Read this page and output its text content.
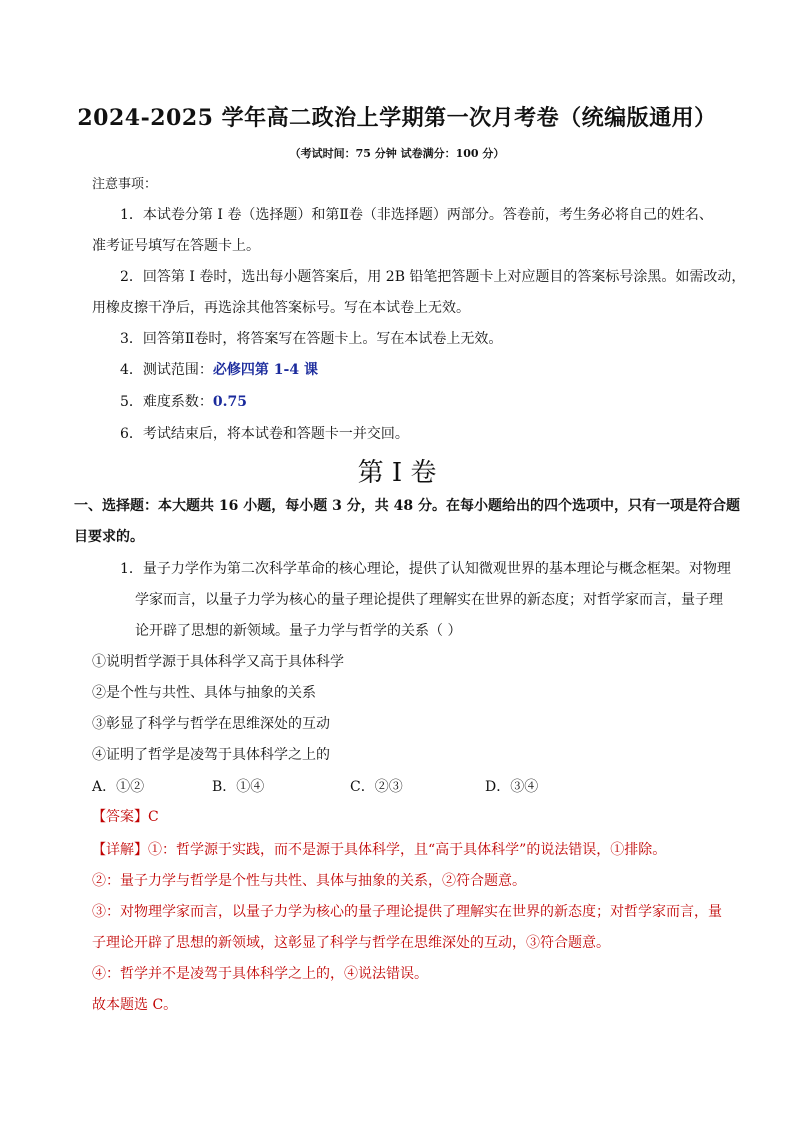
2024-2025 学年高二政治上学期第一次月考卷（统编版通用）
（考试时间：75 分钟 试卷满分：100 分）
注意事项：
1．本试卷分第 I 卷（选择题）和第Ⅱ卷（非选择题）两部分。答卷前，考生务必将自己的姓名、
准考证号填写在答题卡上。
2．回答第 I 卷时，选出每小题答案后，用 2B 铅笔把答题卡上对应题目的答案标号涂黑。如需改动，
用橡皮擦干净后，再选涂其他答案标号。写在本试卷上无效。
3．回答第Ⅱ卷时，将答案写在答题卡上。写在本试卷上无效。
4．测试范围：必修四第 1-4 课
5．难度系数：0.75
6．考试结束后，将本试卷和答题卡一并交回。
第 I 卷
一、选择题：本大题共 16 小题，每小题 3 分，共 48 分。在每小题给出的四个选项中，只有一项是符合题
目要求的。
1．量子力学作为第二次科学革命的核心理论，提供了认知微观世界的基本理论与概念框架。对物理
学家而言，以量子力学为核心的量子理论提供了理解实在世界的新态度；对哲学家而言，量子理
论开辟了思想的新领域。量子力学与哲学的关系（ ）
①说明哲学源于具体科学又高于具体科学
②是个性与共性、具体与抽象的关系
③彰显了科学与哲学在思维深处的互动
④证明了哲学是凌驾于具体科学之上的
A．①②	B．①④	C．②③	D．③④
【答案】C
【详解】①：哲学源于实践，而不是源于具体科学，且“高于具体科学”的说法错误，①排除。
②：量子力学与哲学是个性与共性、具体与抽象的关系，②符合题意。
③：对物理学家而言，以量子力学为核心的量子理论提供了理解实在世界的新态度；对哲学家而言，量
子理论开辟了思想的新领域，这彰显了科学与哲学在思维深处的互动，③符合题意。
④：哲学并不是凌驾于具体科学之上的，④说法错误。
故本题选 C。
